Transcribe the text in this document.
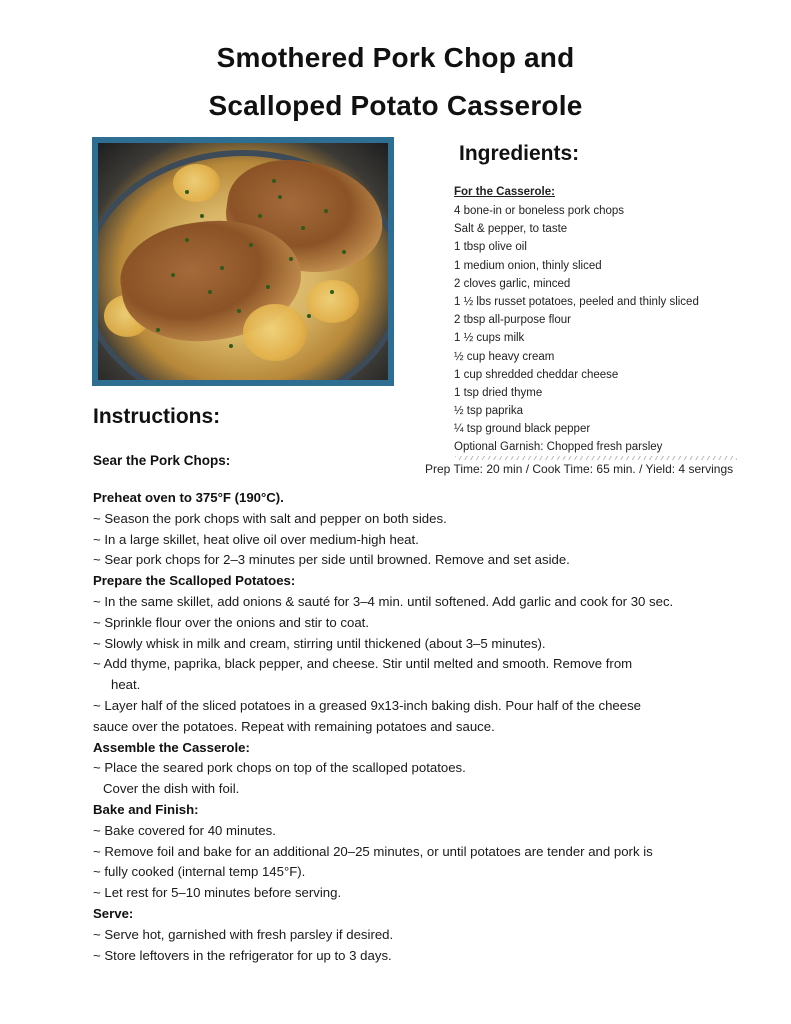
Smothered Pork Chop and
Scalloped Potato Casserole
Ingredients:
For the Casserole:
4 bone-in or boneless pork chops
Salt & pepper, to taste
1 tbsp olive oil
1 medium onion, thinly sliced
2 cloves garlic, minced
1 ½ lbs russet potatoes, peeled and thinly sliced
2 tbsp all-purpose flour
1 ½ cups milk
½ cup heavy cream
1 cup shredded cheddar cheese
1 tsp dried thyme
½ tsp paprika
¼ tsp ground black pepper
Optional Garnish: Chopped fresh parsley
Prep Time: 20 min / Cook Time: 65 min. / Yield: 4 servings
Instructions:
Sear the Pork Chops:
Preheat oven to 375°F (190°C).
~ Season the pork chops with salt and pepper on both sides.
~ In a large skillet, heat olive oil over medium-high heat.
~ Sear pork chops for 2–3 minutes per side until browned. Remove and set aside.
Prepare the Scalloped Potatoes:
~ In the same skillet, add onions & sauté for 3–4 min. until softened. Add garlic and cook for 30 sec.
~ Sprinkle flour over the onions and stir to coat.
~ Slowly whisk in milk and cream, stirring until thickened (about 3–5 minutes).
~ Add thyme, paprika, black pepper, and cheese. Stir until melted and smooth. Remove from
heat.
~ Layer half of the sliced potatoes in a greased 9x13-inch baking dish. Pour half of the cheese
sauce over the potatoes. Repeat with remaining potatoes and sauce.
Assemble the Casserole:
~ Place the seared pork chops on top of the scalloped potatoes.
Cover the dish with foil.
Bake and Finish:
~ Bake covered for 40 minutes.
~ Remove foil and bake for an additional 20–25 minutes, or until potatoes are tender and pork is
~ fully cooked (internal temp 145°F).
~ Let rest for 5–10 minutes before serving.
Serve:
~ Serve hot, garnished with fresh parsley if desired.
~ Store leftovers in the refrigerator for up to 3 days.
